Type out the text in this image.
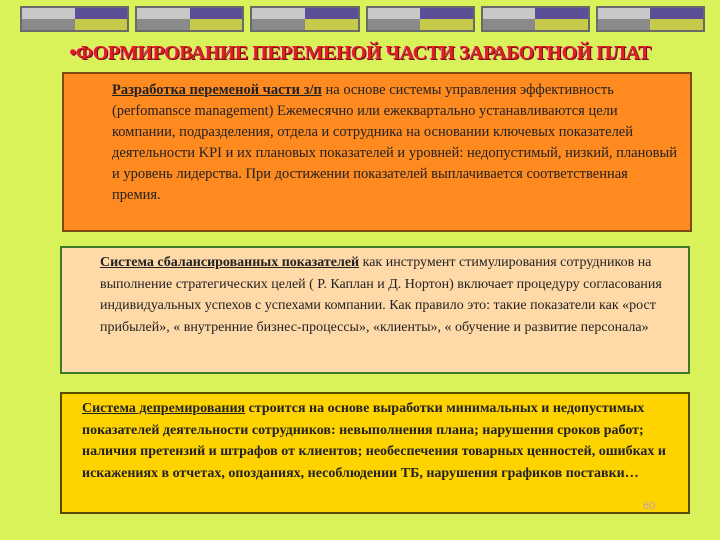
•ФОРМИРОВАНИЕ ПЕРЕМЕНОЙ ЧАСТИ ЗАРАБОТНОЙ ПЛАТ
Разработка переменой части з/п на основе системы управления эффективность (perfomansce management) Ежемесячно или ежеквартально устанавливаются цели компании, подразделения, отдела и сотрудника на основании ключевых показателей деятельности KPI и их плановых показателей и уровней: недопустимый, низкий, плановый и уровень лидерства. При достижении показателей выплачивается соответственная премия.
Система сбалансированных показателей как инструмент стимулирования сотрудников на выполнение стратегических целей ( Р. Каплан и Д. Нортон) включает процедуру согласования индивидуальных успехов с успехами компании. Как правило это: такие показатели как «рост прибылей», « внутренние бизнес-процессы», «клиенты», « обучение и развитие персонала»
Система депремирования строится на основе выработки минимальных и недопустимых показателей деятельности сотрудников: невыполнения плана; нарушения сроков работ; наличия претензий и штрафов от клиентов; необеспечения товарных ценностей, ошибках и искажениях в отчетах, опозданиях, несоблюдении ТБ, нарушения графиков поставки…
60
